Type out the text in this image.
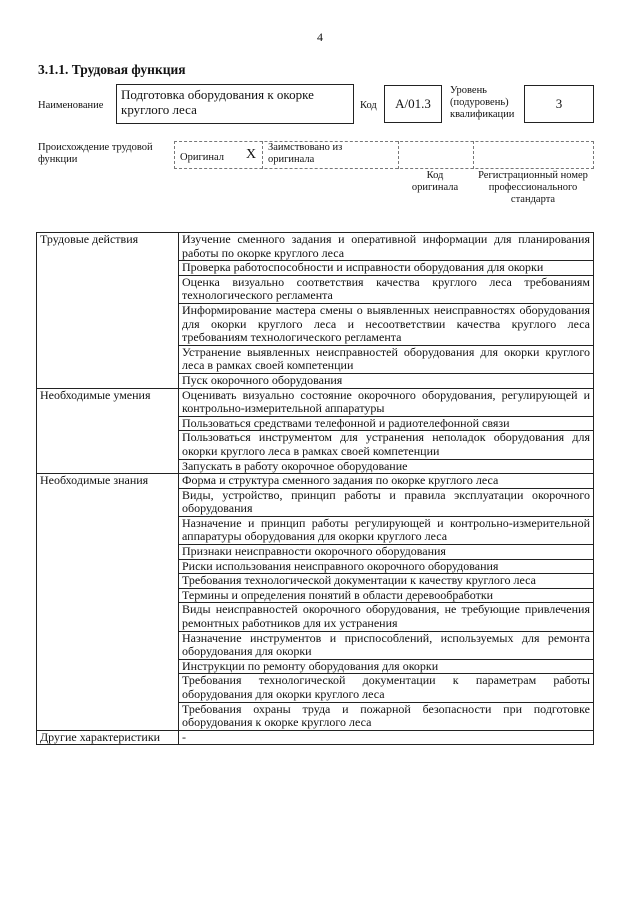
4
3.1.1. Трудовая функция
Наименование
Подготовка оборудования к окорке круглого леса	Код	А/01.3
Уровень (подуровень) квалификации
3
Происхождение трудовой функции	Оригинал Х Заимствовано из оригинала
Код оригинала
Регистрационный номер профессионального стандарта
Трудовые действия	Изучение сменного задания и оперативной информации для планирования работы по окорке круглого леса
	Проверка работоспособности и исправности оборудования для окорки
	Оценка визуально соответствия качества круглого леса требованиям технологического регламента
	Информирование мастера смены о выявленных неисправностях оборудования для окорки круглого леса и несоответствии качества круглого леса требованиям технологического регламента
	Устранение выявленных неисправностей оборудования для окорки круглого леса в рамках своей компетенции
	Пуск окорочного оборудования
Необходимые умения	Оценивать визуально состояние окорочного оборудования, регулирующей и контрольно-измерительной аппаратуры
	Пользоваться средствами телефонной и радиотелефонной связи
	Пользоваться инструментом для устранения неполадок оборудования для окорки круглого леса в рамках своей компетенции
	Запускать в работу окорочное оборудование
Необходимые знания	Форма и структура сменного задания по окорке круглого леса
	Виды, устройство, принцип работы и правила эксплуатации окорочного оборудования
	Назначение и принцип работы регулирующей и контрольно-измерительной аппаратуры оборудования для окорки круглого леса
	Признаки неисправности окорочного оборудования
	Риски использования неисправного окорочного оборудования
	Требования технологической документации к качеству круглого леса
	Термины и определения понятий в области деревообработки
	Виды неисправностей окорочного оборудования, не требующие привлечения ремонтных работников для их устранения
	Назначение инструментов и приспособлений, используемых для ремонта оборудования для окорки
	Инструкции по ремонту оборудования для окорки
	Требования технологической документации к параметрам работы оборудования для окорки круглого леса
	Требования охраны труда и пожарной безопасности при подготовке оборудования к окорке круглого леса
Другие характеристики	-
